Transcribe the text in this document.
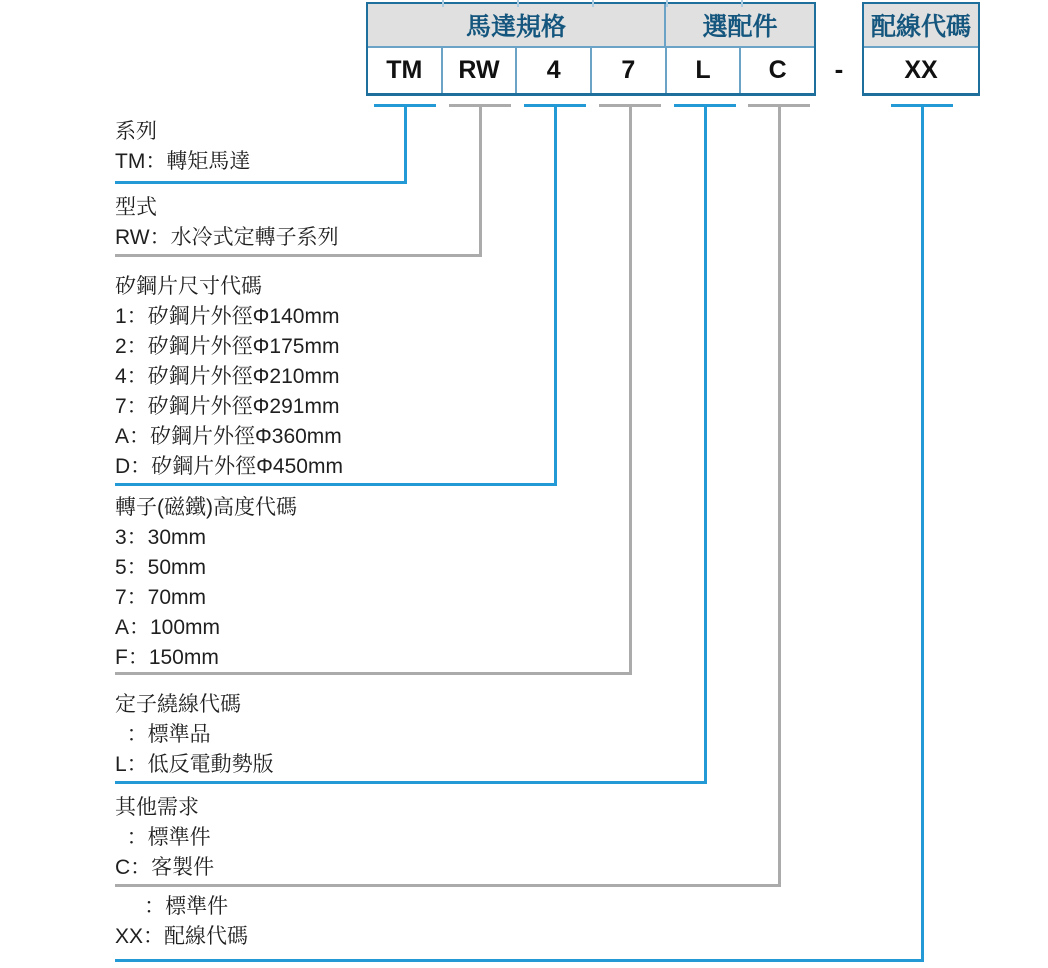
馬達規格	選配件
TM	RW	4	7	L	C	-
配線代碼
XX
系列
TM：轉矩馬達
型式
RW：水冷式定轉子系列
矽鋼片尺寸代碼
1：矽鋼片外徑Φ140mm
2：矽鋼片外徑Φ175mm
4：矽鋼片外徑Φ210mm
7：矽鋼片外徑Φ291mm
A：矽鋼片外徑Φ360mm
D：矽鋼片外徑Φ450mm
轉子(磁鐵)高度代碼
3：30mm
5：50mm
7：70mm
A：100mm
F：150mm
定子繞線代碼
：標準品
L：低反電動勢版
其他需求
：標準件
C：客製件
：標準件
XX：配線代碼
